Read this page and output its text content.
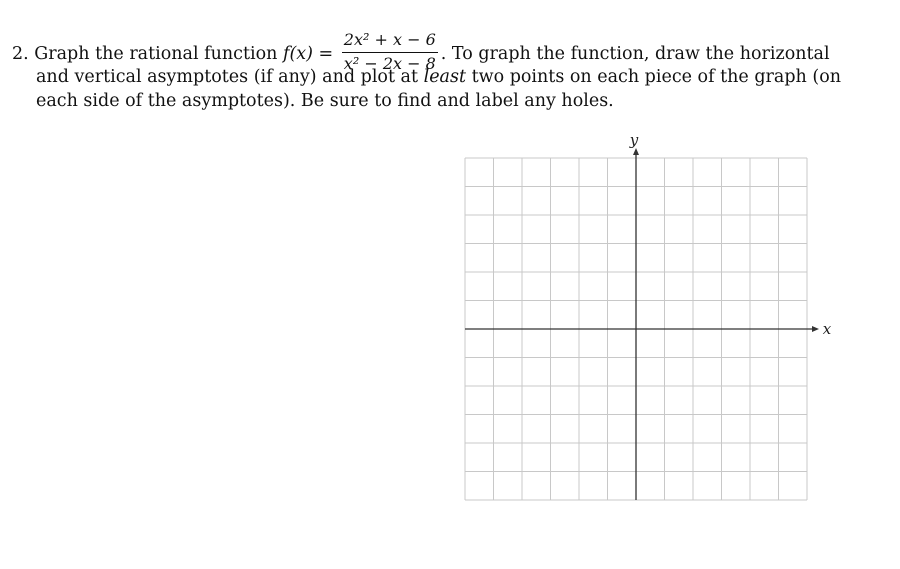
2. Graph the rational function $f(x) = \frac{\text{2x² + x − 6}}{\text{x² − 2x − 8}}$ . To graph the function, draw the horizontal
and vertical asymptotes (if any) and plot at least two points on each piece of the graph (on
each side of the asymptotes). Be sure to find and label any holes.
y
x
